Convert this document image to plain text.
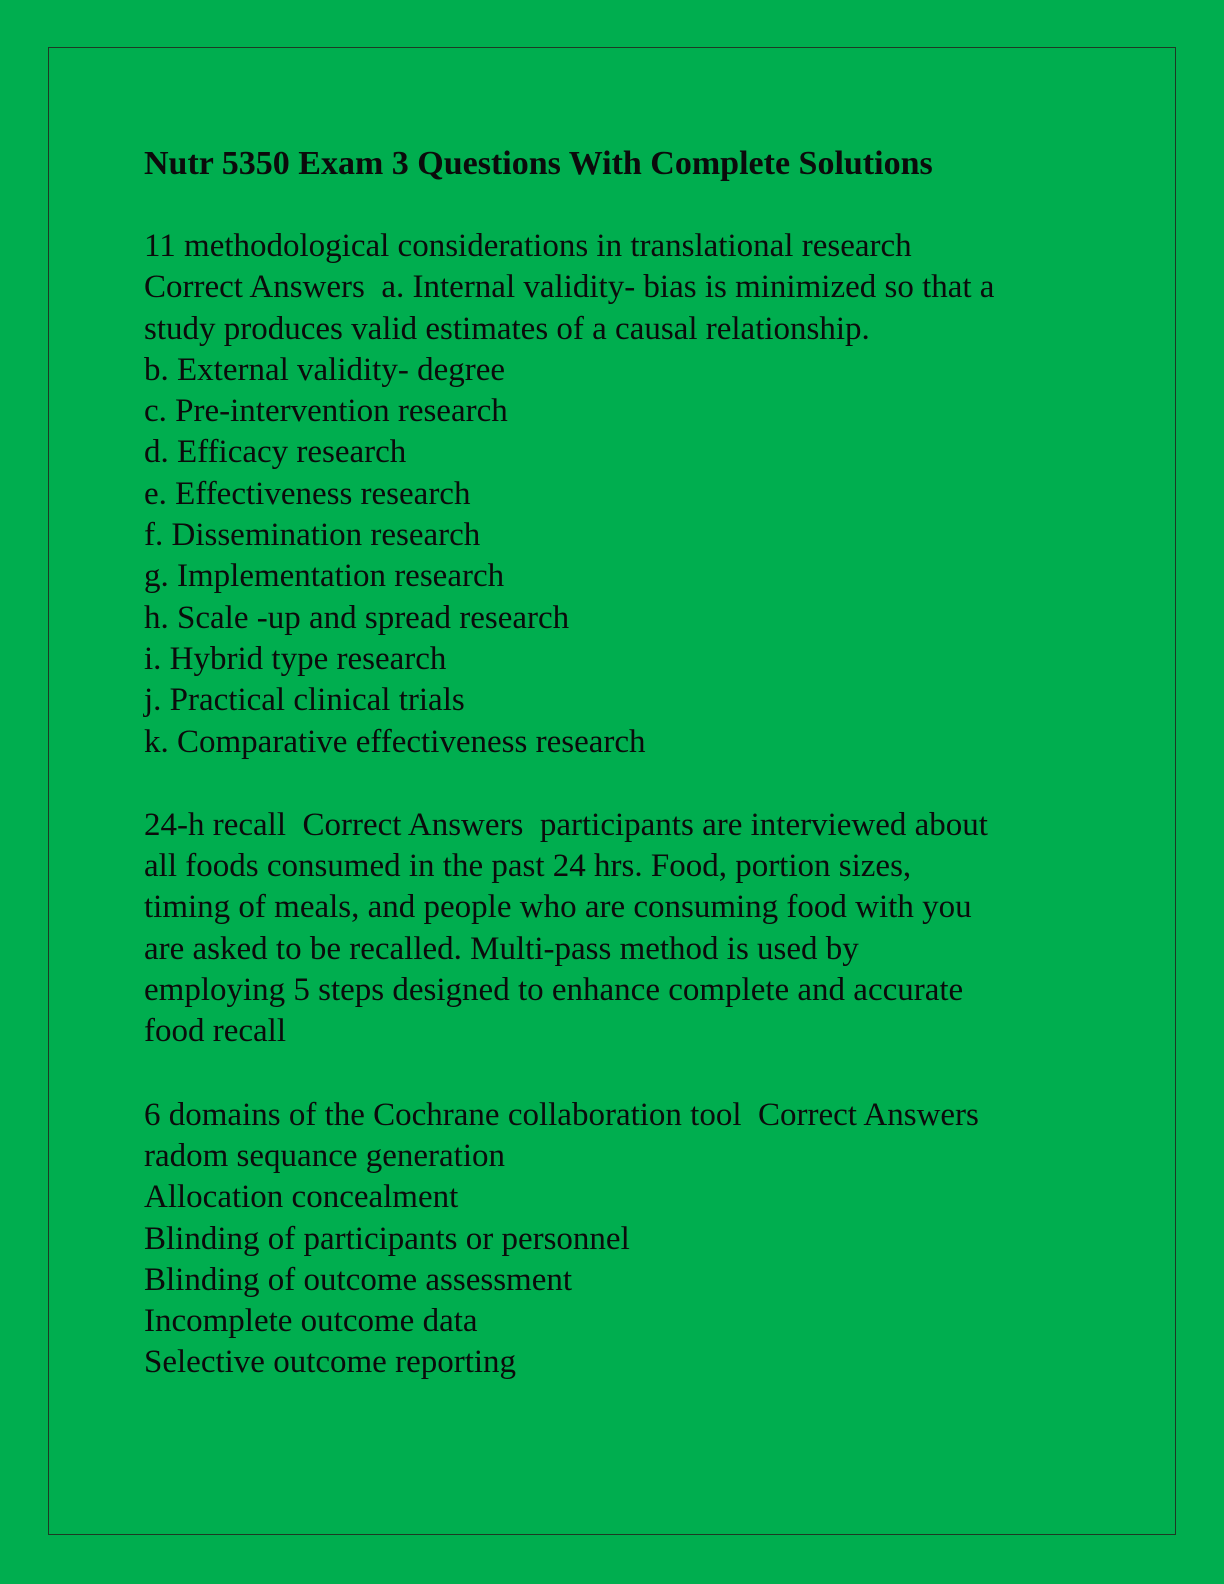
Nutr 5350 Exam 3 Questions With Complete Solutions
11 methodological considerations in translational research
Correct Answers  a. Internal validity- bias is minimized so that a
study produces valid estimates of a causal relationship.
b. External validity- degree
c. Pre-intervention research
d. Efficacy research
e. Effectiveness research
f. Dissemination research
g. Implementation research
h. Scale -up and spread research
i. Hybrid type research
j. Practical clinical trials
k. Comparative effectiveness research
24-h recall  Correct Answers  participants are interviewed about
all foods consumed in the past 24 hrs. Food, portion sizes,
timing of meals, and people who are consuming food with you
are asked to be recalled. Multi-pass method is used by
employing 5 steps designed to enhance complete and accurate
food recall
6 domains of the Cochrane collaboration tool  Correct Answers
radom sequance generation
Allocation concealment
Blinding of participants or personnel
Blinding of outcome assessment
Incomplete outcome data
Selective outcome reporting
